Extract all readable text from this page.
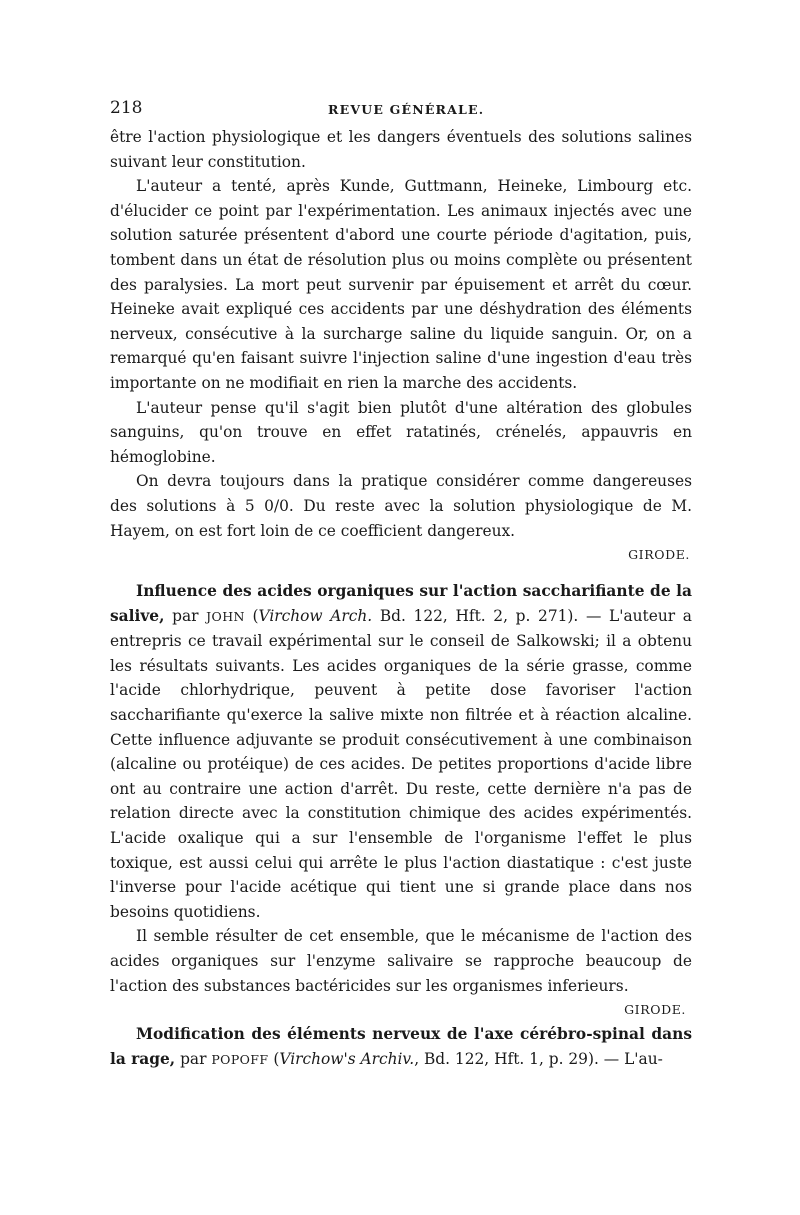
218	REVUE GÉNÉRALE.

être l'action physiologique et les dangers éventuels des solutions salines suivant leur constitution.

L'auteur a tenté, après Kunde, Guttmann, Heineke, Limbourg etc. d'élucider ce point par l'expérimentation. Les animaux injectés avec une solution saturée présentent d'abord une courte période d'agitation, puis, tombent dans un état de résolution plus ou moins complète ou présentent des paralysies. La mort peut survenir par épuisement et arrêt du cœur. Heineke avait expliqué ces accidents par une déshydration des éléments nerveux, consécutive à la surcharge saline du liquide sanguin. Or, on a remarqué qu'en faisant suivre l'injection saline d'une ingestion d'eau très importante on ne modifiait en rien la marche des accidents.

L'auteur pense qu'il s'agit bien plutôt d'une altération des globules sanguins, qu'on trouve en effet ratatinés, crénelés, appauvris en hémoglobine.

On devra toujours dans la pratique considérer comme dangereuses des solutions à 5 0/0. Du reste avec la solution physiologique de M. Hayem, on est fort loin de ce coefficient dangereux.

GIRODE.

Influence des acides organiques sur l'action saccharifiante de la salive, par JOHN (Virchow Arch. Bd. 122, Hft. 2, p. 271). — L'auteur a entrepris ce travail expérimental sur le conseil de Salkowski; il a obtenu les résultats suivants. Les acides organiques de la série grasse, comme l'acide chlorhydrique, peuvent à petite dose favoriser l'action saccharifiante qu'exerce la salive mixte non filtrée et à réaction alcaline. Cette influence adjuvante se produit consécutivement à une combinaison (alcaline ou protéique) de ces acides. De petites proportions d'acide libre ont au contraire une action d'arrêt. Du reste, cette dernière n'a pas de relation directe avec la constitution chimique des acides expérimentés. L'acide oxalique qui a sur l'ensemble de l'organisme l'effet le plus toxique, est aussi celui qui arrête le plus l'action diastatique : c'est juste l'inverse pour l'acide acétique qui tient une si grande place dans nos besoins quotidiens.

Il semble résulter de cet ensemble, que le mécanisme de l'action des acides organiques sur l'enzyme salivaire se rapproche beaucoup de l'action des substances bactéricides sur les organismes inferieurs.

GIRODE.

Modification des éléments nerveux de l'axe cérébro-spinal dans la rage, par POPOFF (Virchow's Archiv., Bd. 122, Hft. 1, p. 29). — L'au-
